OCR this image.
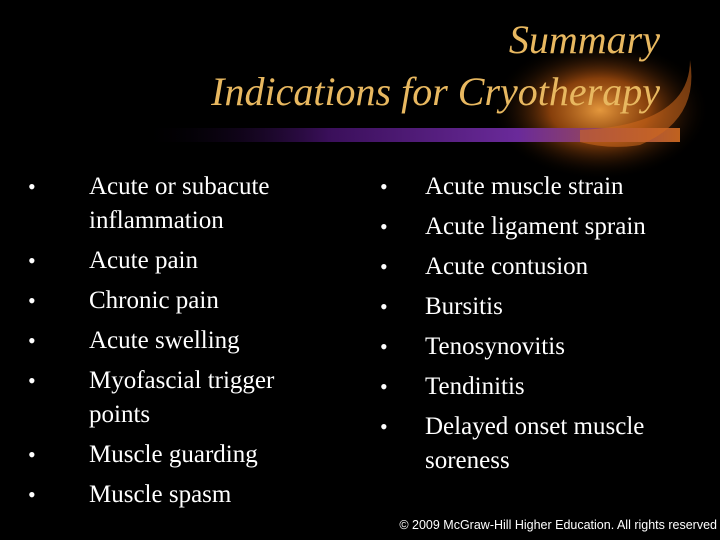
Summary
Indications for Cryotherapy
• Acute or subacute inflammation
• Acute pain
• Chronic pain
• Acute swelling
• Myofascial trigger points
• Muscle guarding
• Muscle spasm
• Acute muscle strain
• Acute ligament sprain
• Acute contusion
• Bursitis
• Tenosynovitis
• Tendinitis
• Delayed onset muscle soreness
© 2009 McGraw-Hill Higher Education. All rights reserved
